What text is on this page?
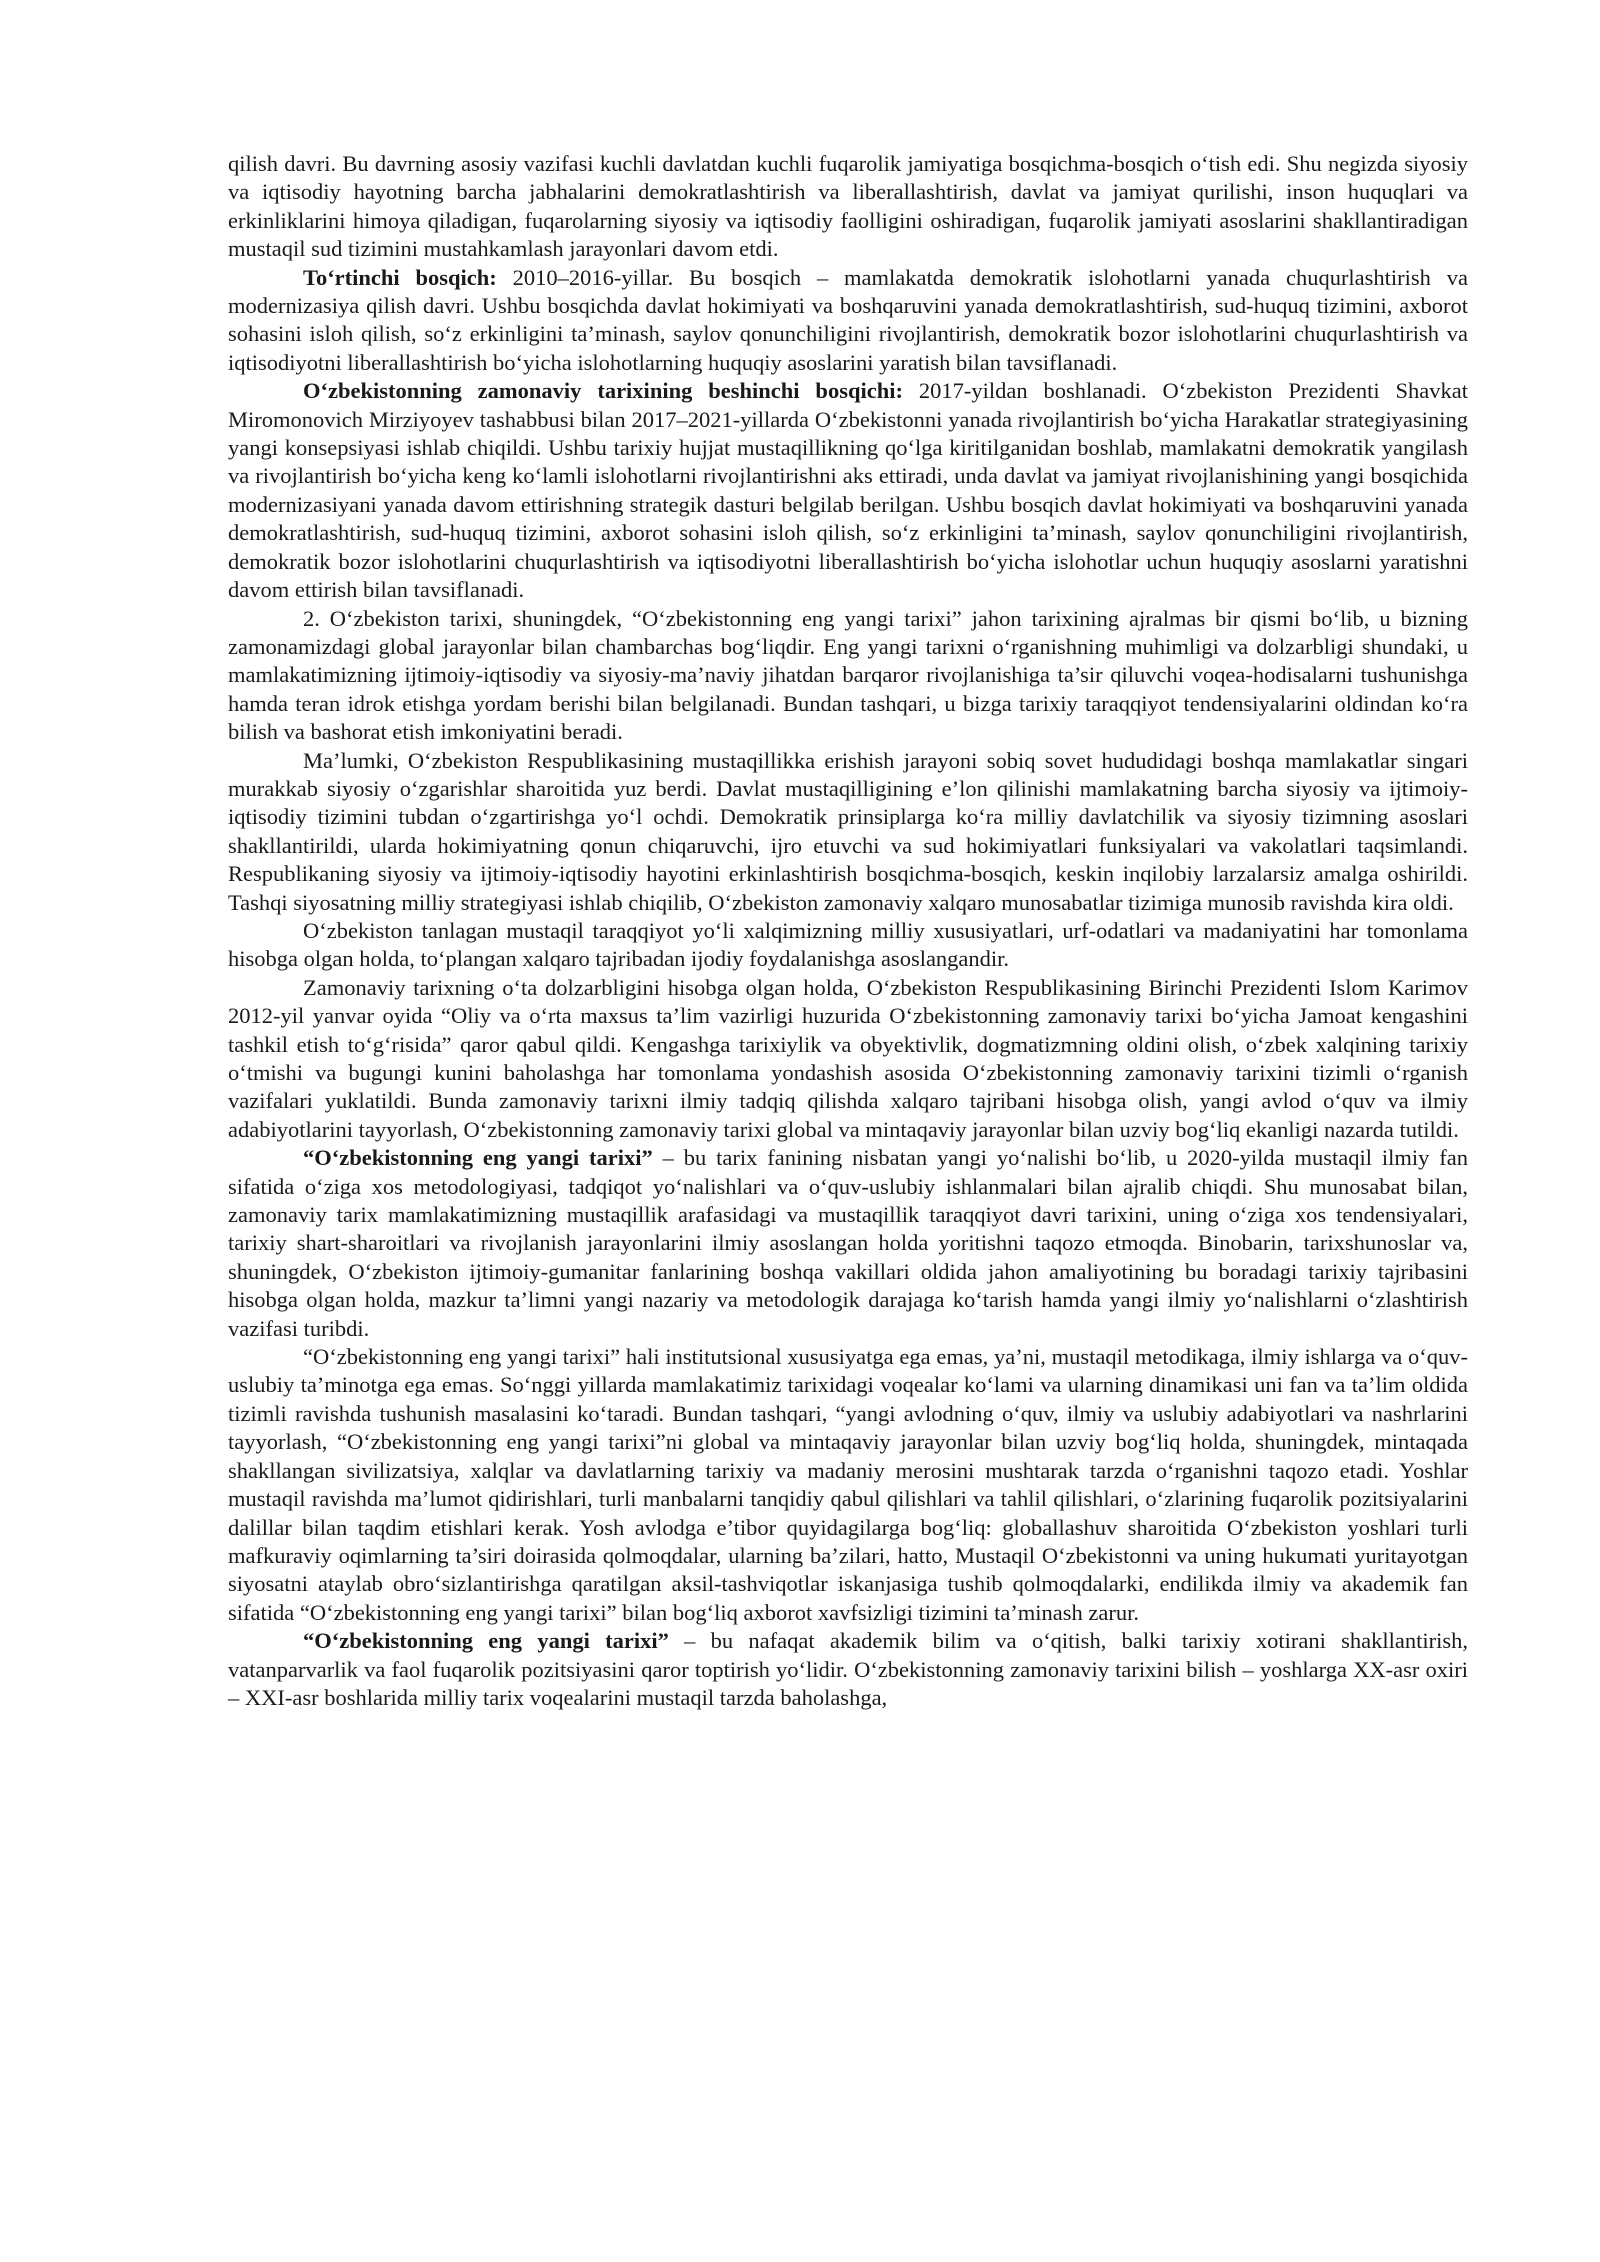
qilish davri. Bu davrning asosiy vazifasi kuchli davlatdan kuchli fuqarolik jamiyatiga bosqichma-bosqich o‘tish edi. Shu negizda siyosiy va iqtisodiy hayotning barcha jabhalarini demokratlashtirish va liberallashtirish, davlat va jamiyat qurilishi, inson huquqlari va erkinliklarini himoya qiladigan, fuqarolarning siyosiy va iqtisodiy faolligini oshiradigan, fuqarolik jamiyati asoslarini shakllantiradigan mustaqil sud tizimini mustahkamlash jarayonlari davom etdi.

To‘rtinchi bosqich: 2010–2016-yillar. Bu bosqich – mamlakatda demokratik islohotlarni yanada chuqurlashtirish va modernizasiya qilish davri. Ushbu bosqichda davlat hokimiyati va boshqaruvini yanada demokratlashtirish, sud-huquq tizimini, axborot sohasini isloh qilish, so‘z erkinligini ta’minash, saylov qonunchiligini rivojlantirish, demokratik bozor islohotlarini chuqurlashtirish va iqtisodiyotni liberallashtirish bo‘yicha islohotlarning huquqiy asoslarini yaratish bilan tavsiflanadi.

O‘zbekistonning zamonaviy tarixining beshinchi bosqichi: 2017-yildan boshlanadi. O‘zbekiston Prezidenti Shavkat Miromonovich Mirziyoyev tashabbusi bilan 2017–2021-yillarda O‘zbekistonni yanada rivojlantirish bo‘yicha Harakatlar strategiyasining yangi konsepsiyasi ishlab chiqildi. Ushbu tarixiy hujjat mustaqillikning qo‘lga kiritilganidan boshlab, mamlakatni demokratik yangilash va rivojlantirish bo‘yicha keng ko‘lamli islohotlarni rivojlantirishni aks ettiradi, unda davlat va jamiyat rivojlanishining yangi bosqichida modernizasiyani yanada davom ettirishning strategik dasturi belgilab berilgan. Ushbu bosqich davlat hokimiyati va boshqaruvini yanada demokratlashtirish, sud-huquq tizimini, axborot sohasini isloh qilish, so‘z erkinligini ta’minash, saylov qonunchiligini rivojlantirish, demokratik bozor islohotlarini chuqurlashtirish va iqtisodiyotni liberallashtirish bo‘yicha islohotlar uchun huquqiy asoslarni yaratishni davom ettirish bilan tavsiflanadi.

2. O‘zbekiston tarixi, shuningdek, “O‘zbekistonning eng yangi tarixi” jahon tarixining ajralmas bir qismi bo‘lib, u bizning zamonamizdagi global jarayonlar bilan chambarchas bog‘liqdir. Eng yangi tarixni o‘rganishning muhimligi va dolzarbligi shundaki, u mamlakatimizning ijtimoiy-iqtisodiy va siyosiy-ma’naviy jihatdan barqaror rivojlanishiga ta’sir qiluvchi voqea-hodisalarni tushunishga hamda teran idrok etishga yordam berishi bilan belgilanadi. Bundan tashqari, u bizga tarixiy taraqqiyot tendensiyalarini oldindan ko‘ra bilish va bashorat etish imkoniyatini beradi.

Ma’lumki, O‘zbekiston Respublikasining mustaqillikka erishish jarayoni sobiq sovet hududidagi boshqa mamlakatlar singari murakkab siyosiy o‘zgarishlar sharoitida yuz berdi. Davlat mustaqilligining e’lon qilinishi mamlakatning barcha siyosiy va ijtimoiy-iqtisodiy tizimini tubdan o‘zgartirishga yo‘l ochdi. Demokratik prinsiplarga ko‘ra milliy davlatchilik va siyosiy tizimning asoslari shakllantirildi, ularda hokimiyatning qonun chiqaruvchi, ijro etuvchi va sud hokimiyatlari funksiyalari va vakolatlari taqsimlandi. Respublikaning siyosiy va ijtimoiy-iqtisodiy hayotini erkinlashtirish bosqichma-bosqich, keskin inqilobiy larzalarsiz amalga oshirildi. Tashqi siyosatning milliy strategiyasi ishlab chiqilib, O‘zbekiston zamonaviy xalqaro munosabatlar tizimiga munosib ravishda kira oldi.

O‘zbekiston tanlagan mustaqil taraqqiyot yo‘li xalqimizning milliy xususiyatlari, urf-odatlari va madaniyatini har tomonlama hisobga olgan holda, to‘plangan xalqaro tajribadan ijodiy foydalanishga asoslangandir.

Zamonaviy tarixning o‘ta dolzarbligini hisobga olgan holda, O‘zbekiston Respublikasining Birinchi Prezidenti Islom Karimov 2012-yil yanvar oyida “Oliy va o‘rta maxsus ta’lim vazirligi huzurida O‘zbekistonning zamonaviy tarixi bo‘yicha Jamoat kengashini tashkil etish to‘g‘risida” qaror qabul qildi. Kengashga tarixiylik va obyektivlik, dogmatizmning oldini olish, o‘zbek xalqining tarixiy o‘tmishi va bugungi kunini baholashga har tomonlama yondashish asosida O‘zbekistonning zamonaviy tarixini tizimli o‘rganish vazifalari yuklatildi. Bunda zamonaviy tarixni ilmiy tadqiq qilishda xalqaro tajribani hisobga olish, yangi avlod o‘quv va ilmiy adabiyotlarini tayyorlash, O‘zbekistonning zamonaviy tarixi global va mintaqaviy jarayonlar bilan uzviy bog‘liq ekanligi nazarda tutildi.

“O‘zbekistonning eng yangi tarixi” – bu tarix fanining nisbatan yangi yo‘nalishi bo‘lib, u 2020-yilda mustaqil ilmiy fan sifatida o‘ziga xos metodologiyasi, tadqiqot yo‘nalishlari va o‘quv-uslubiy ishlanmalari bilan ajralib chiqdi. Shu munosabat bilan, zamonaviy tarix mamlakatimizning mustaqillik arafasidagi va mustaqillik taraqqiyot davri tarixini, uning o‘ziga xos tendensiyalari, tarixiy shart-sharoitlari va rivojlanish jarayonlarini ilmiy asoslangan holda yoritishni taqozo etmoqda. Binobarin, tarixshunoslar va, shuningdek, O‘zbekiston ijtimoiy-gumanitar fanlarining boshqa vakillari oldida jahon amaliyotining bu boradagi tarixiy tajribasini hisobga olgan holda, mazkur ta’limni yangi nazariy va metodologik darajaga ko‘tarish hamda yangi ilmiy yo‘nalishlarni o‘zlashtirish vazifasi turibdi.

“O‘zbekistonning eng yangi tarixi” hali institutsional xususiyatga ega emas, ya’ni, mustaqil metodikaga, ilmiy ishlarga va o‘quv-uslubiy ta’minotga ega emas. So‘nggi yillarda mamlakatimiz tarixidagi voqealar ko‘lami va ularning dinamikasi uni fan va ta’lim oldida tizimli ravishda tushunish masalasini ko‘taradi. Bundan tashqari, “yangi avlodning o‘quv, ilmiy va uslubiy adabiyotlari va nashrlarini tayyorlash, “O‘zbekistonning eng yangi tarixi”ni global va mintaqaviy jarayonlar bilan uzviy bog‘liq holda, shuningdek, mintaqada shakllangan sivilizatsiya, xalqlar va davlatlarning tarixiy va madaniy merosini mushtarak tarzda o‘rganishni taqozo etadi. Yoshlar mustaqil ravishda ma’lumot qidirishlari, turli manbalarni tanqidiy qabul qilishlari va tahlil qilishlari, o‘zlarining fuqarolik pozitsiyalarini dalillar bilan taqdim etishlari kerak. Yosh avlodga e’tibor quyidagilarga bog‘liq: globallashuv sharoitida O‘zbekiston yoshlari turli mafkuraviy oqimlarning ta’siri doirasida qolmoqdalar, ularning ba’zilari, hatto, Mustaqil O‘zbekistonni va uning hukumati yuritayotgan siyosatni ataylab obro‘sizlantirishga qaratilgan aksil-tashviqotlar iskanjasiga tushib qolmoqdalarki, endilikda ilmiy va akademik fan sifatida “O‘zbekistonning eng yangi tarixi” bilan bog‘liq axborot xavfsizligi tizimini ta’minash zarur.

“O‘zbekistonning eng yangi tarixi” – bu nafaqat akademik bilim va o‘qitish, balki tarixiy xotirani shakllantirish, vatanparvarlik va faol fuqarolik pozitsiyasini qaror toptirish yo‘lidir. O‘zbekistonning zamonaviy tarixini bilish – yoshlarga XX-asr oxiri – XXI-asr boshlarida milliy tarix voqealarini mustaqil tarzda baholashga,
